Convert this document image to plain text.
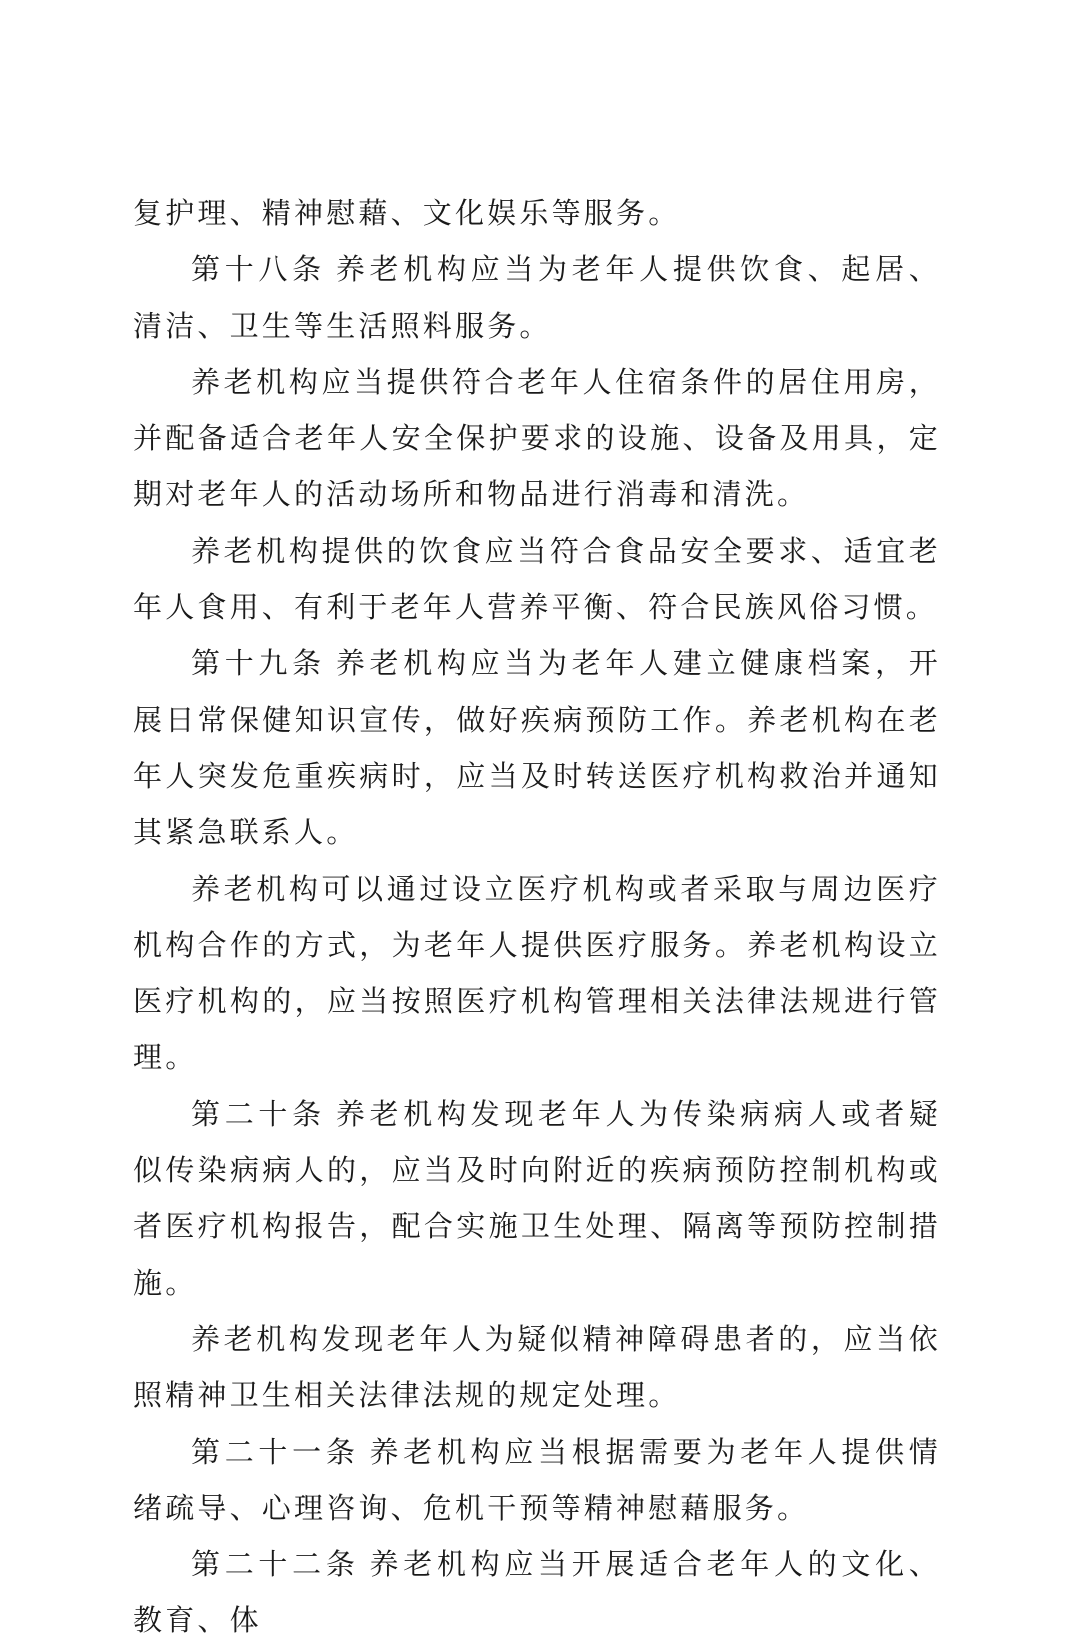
复护理、精神慰藉、文化娱乐等服务。

第十八条 养老机构应当为老年人提供饮食、起居、清洁、卫生等生活照料服务。

养老机构应当提供符合老年人住宿条件的居住用房，并配备适合老年人安全保护要求的设施、设备及用具，定期对老年人的活动场所和物品进行消毒和清洗。

养老机构提供的饮食应当符合食品安全要求、适宜老年人食用、有利于老年人营养平衡、符合民族风俗习惯。

第十九条 养老机构应当为老年人建立健康档案，开展日常保健知识宣传，做好疾病预防工作。养老机构在老年人突发危重疾病时，应当及时转送医疗机构救治并通知其紧急联系人。

养老机构可以通过设立医疗机构或者采取与周边医疗机构合作的方式，为老年人提供医疗服务。养老机构设立医疗机构的，应当按照医疗机构管理相关法律法规进行管理。

第二十条 养老机构发现老年人为传染病病人或者疑似传染病病人的，应当及时向附近的疾病预防控制机构或者医疗机构报告，配合实施卫生处理、隔离等预防控制措施。

养老机构发现老年人为疑似精神障碍患者的，应当依照精神卫生相关法律法规的规定处理。

第二十一条 养老机构应当根据需要为老年人提供情绪疏导、心理咨询、危机干预等精神慰藉服务。

第二十二条 养老机构应当开展适合老年人的文化、教育、体
